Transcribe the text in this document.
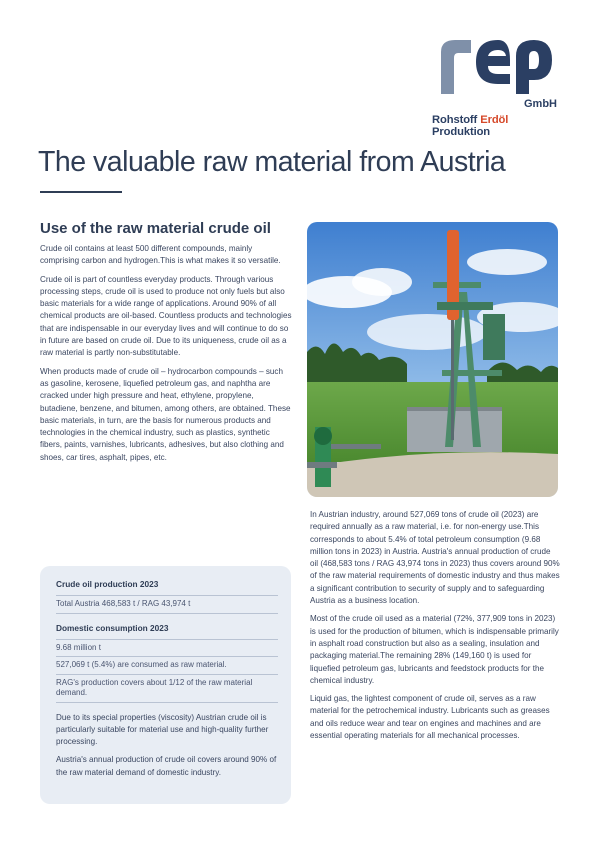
GmbH
Rohstoff Erdöl Produktion
The valuable raw material from Austria
Use of the raw material crude oil

Crude oil contains at least 500 different compounds, mainly comprising carbon and hydrogen.This is what makes it so versatile.

Crude oil is part of countless everyday products. Through various processing steps, crude oil is used to produce not only fuels but also basic materials for a wide range of applications. Around 90% of all chemical products are oil-based. Countless products and technologies that are indispensable in our everyday lives and will continue to do so in future are based on crude oil. Due to its uniqueness, crude oil as a raw material is partly non-substitutable.

When products made of crude oil – hydrocarbon compounds – such as gasoline, kerosene, liquefied petroleum gas, and naphtha are cracked under high pressure and heat, ethylene, propylene, butadiene, benzene, and bitumen, among others, are obtained. These basic materials, in turn, are the basis for numerous products and technologies in the chemical industry, such as plastics, synthetic fibers, paints, varnishes, lubricants, adhesives, but also clothing and shoes, car tires, asphalt, pipes, etc.

In Austrian industry, around 527,069 tons of crude oil (2023) are required annually as a raw material, i.e. for non-energy use.This corresponds to about 5.4% of total petroleum consumption (9.68 million tons in 2023) in Austria. Austria's annual production of crude oil (468,583 tons / RAG 43,974 tons in 2023) thus covers around 90% of the raw material requirements of domestic industry and thus makes a significant contribution to security of supply and to safeguarding Austria as a business location.

Most of the crude oil used as a material (72%, 377,909 tons in 2023) is used for the production of bitumen, which is indispensable primarily in asphalt road construction but also as a sealing, insulation and packaging material.The remaining 28% (149,160 t) is used for liquefied petroleum gas, lubricants and feedstock products for the chemical industry.

Liquid gas, the lightest component of crude oil, serves as a raw material for the petrochemical industry. Lubricants such as greases and oils reduce wear and tear on engines and machines and are essential operating materials for all mechanical processes.

Crude oil production 2023
Total Austria 468,583 t / RAG 43,974 t
Domestic consumption 2023
9.68 million t
527,069 t (5.4%) are consumed as raw material.
RAG's production covers about 1/12 of the raw material demand.

Due to its special properties (viscosity) Austrian crude oil is particularly suitable for material use and high-quality further processing.

Austria's annual production of crude oil covers around 90% of the raw material demand of domestic industry.
